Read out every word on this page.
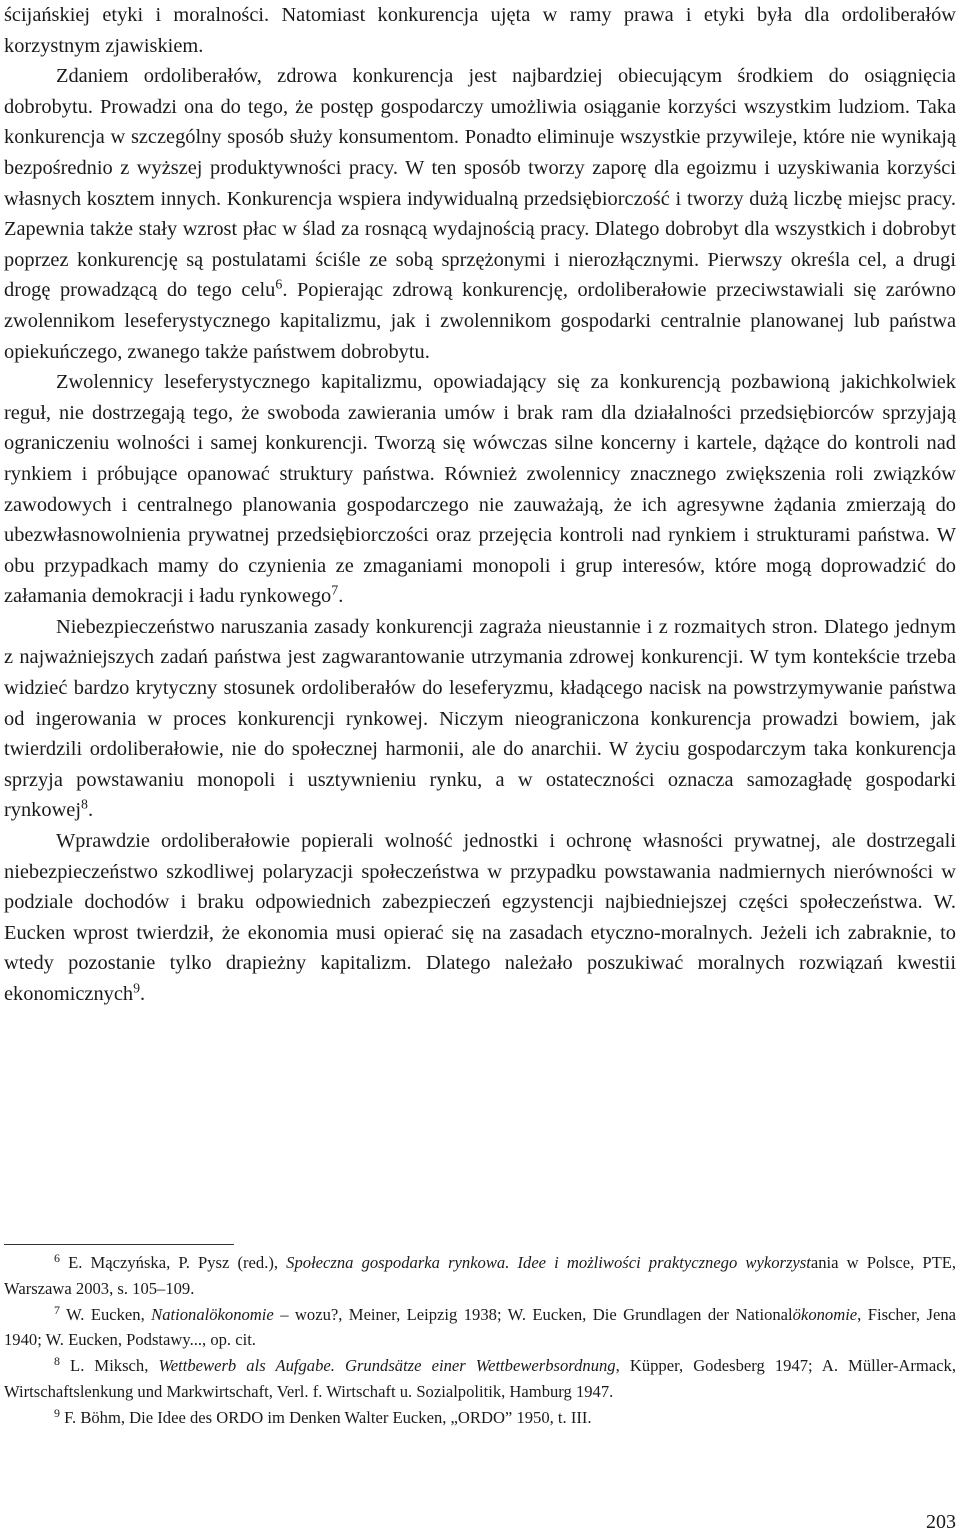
ścijańskiej etyki i moralności. Natomiast konkurencja ujęta w ramy prawa i etyki była dla ordoliberałów korzystnym zjawiskiem.

Zdaniem ordoliberałów, zdrowa konkurencja jest najbardziej obiecującym środkiem do osiągnięcia dobrobytu. Prowadzi ona do tego, że postęp gospodarczy umożliwia osiąganie korzyści wszystkim ludziom. Taka konkurencja w szczególny sposób służy konsumentom. Ponadto eliminuje wszystkie przywileje, które nie wynikają bezpośrednio z wyższej produktywności pracy. W ten sposób tworzy zaporę dla egoizmu i uzyskiwania korzyści własnych kosztem innych. Konkurencja wspiera indywidualną przedsiębiorczość i tworzy dużą liczbę miejsc pracy. Zapewnia także stały wzrost płac w ślad za rosnącą wydajnością pracy. Dlatego dobrobyt dla wszystkich i dobrobyt poprzez konkurencję są postulatami ściśle ze sobą sprzężonymi i nierozłącznymi. Pierwszy określa cel, a drugi drogę prowadzącą do tego celu$^6$. Popierając zdrową konkurencję, ordoliberałowie przeciwstawiali się zarówno zwolennikom leseferystycznego kapitalizmu, jak i zwolennikom gospodarki centralnie planowanej lub państwa opiekuńczego, zwanego także państwem dobrobytu.

Zwolennicy leseferystycznego kapitalizmu, opowiadający się za konkurencją pozbawioną jakichkolwiek reguł, nie dostrzegają tego, że swoboda zawierania umów i brak ram dla działalności przedsiębiorców sprzyjają ograniczeniu wolności i samej konkurencji. Tworzą się wówczas silne koncerny i kartele, dążące do kontroli nad rynkiem i próbujące opanować struktury państwa. Również zwolennicy znacznego zwiększenia roli związków zawodowych i centralnego planowania gospodarczego nie zauważają, że ich agresywne żądania zmierzają do ubezwłasnowolnienia prywatnej przedsiębiorczości oraz przejęcia kontroli nad rynkiem i strukturami państwa. W obu przypadkach mamy do czynienia ze zmaganiami monopoli i grup interesów, które mogą doprowadzić do załamania demokracji i ładu rynkowego$^7$.

Niebezpieczeństwo naruszania zasady konkurencji zagraża nieustannie i z rozmaitych stron. Dlatego jednym z najważniejszych zadań państwa jest zagwarantowanie utrzymania zdrowej konkurencji. W tym kontekście trzeba widzieć bardzo krytyczny stosunek ordoliberałów do leseferyzmu, kładącego nacisk na powstrzymywanie państwa od ingerowania w proces konkurencji rynkowej. Niczym nieograniczona konkurencja prowadzi bowiem, jak twierdzili ordoliberałowie, nie do społecznej harmonii, ale do anarchii. W życiu gospodarczym taka konkurencja sprzyja powstawaniu monopoli i usztywnieniu rynku, a w ostateczności oznacza samozagładę gospodarki rynkowej$^8$.

Wprawdzie ordoliberałowie popierali wolność jednostki i ochronę własności prywatnej, ale dostrzegali niebezpieczeństwo szkodliwej polaryzacji społeczeństwa w przypadku powstawania nadmiernych nierówności w podziale dochodów i braku odpowiednich zabezpieczeń egzystencji najbiedniejszej części społeczeństwa. W. Eucken wprost twierdził, że ekonomia musi opierać się na zasadach etyczno-moralnych. Jeżeli ich zabraknie, to wtedy pozostanie tylko drapieżny kapitalizm. Dlatego należało poszukiwać moralnych rozwiązań kwestii ekonomicznych$^9$.

$^6$ E. Mączyńska, P. Pysz (red.), Społeczna gospodarka rynkowa. Idee i możliwości praktycznego wykorzystania w Polsce, PTE, Warszawa 2003, s. 105–109.

$^7$ W. Eucken, Nationalökonomie – wozu?, Meiner, Leipzig 1938; W. Eucken, Die Grundlagen der Nationalökonomie, Fischer, Jena 1940; W. Eucken, Podstawy..., op. cit.

$^8$ L. Miksch, Wettbewerb als Aufgabe. Grundsätze einer Wettbewerbsordnung, Küpper, Godesberg 1947; A. Müller-Armack, Wirtschaftslenkung und Markwirtschaft, Verl. f. Wirtschaft u. Sozialpolitik, Hamburg 1947.

$^9$ F. Böhm, Die Idee des ORDO im Denken Walter Eucken, „ORDO” 1950, t. III.

203
